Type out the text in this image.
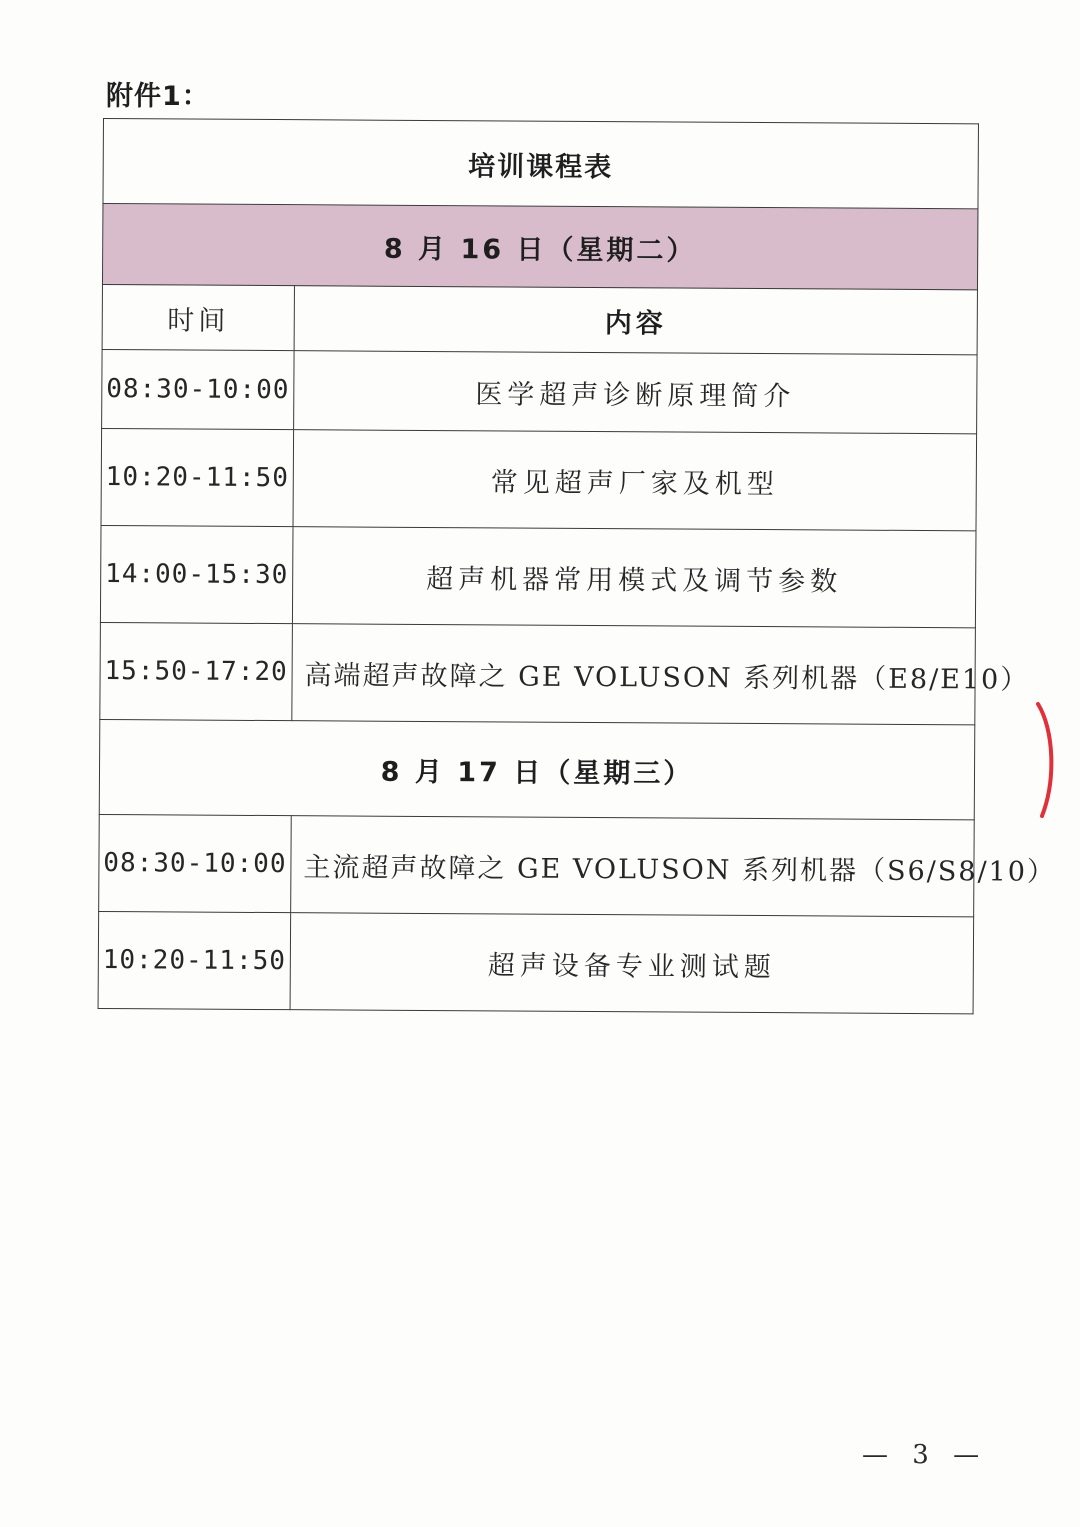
附件1：
培训课程表	
8 月 16 日（星期二）	
时间	内容
08:30-10:00	医学超声诊断原理简介
10:20-11:50	常见超声厂家及机型
14:00-15:30	超声机器常用模式及调节参数
15:50-17:20	高端超声故障之 GE VOLUSON 系列机器（E8/E10）
8 月 17 日（星期三）	
08:30-10:00	主流超声故障之 GE VOLUSON 系列机器（S6/S8/10）
10:20-11:50	超声设备专业测试题
— 3 —
